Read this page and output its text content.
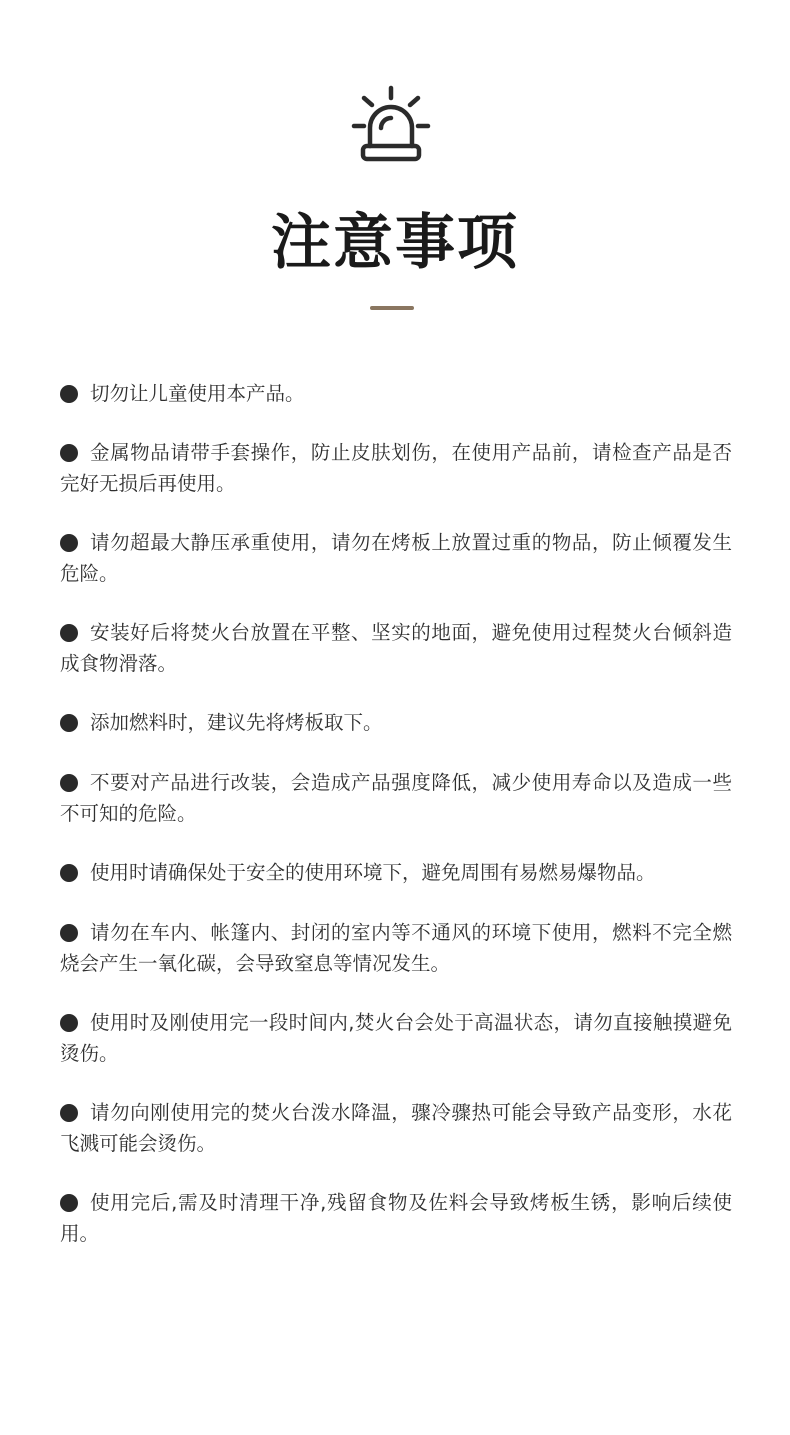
注意事项
切勿让儿童使用本产品。
金属物品请带手套操作，防止皮肤划伤，在使用产品前，请检查产品是否完好无损后再使用。
请勿超最大静压承重使用，请勿在烤板上放置过重的物品，防止倾覆发生危险。
安装好后将焚火台放置在平整、坚实的地面，避免使用过程焚火台倾斜造成食物滑落。
添加燃料时，建议先将烤板取下。
不要对产品进行改装，会造成产品强度降低，减少使用寿命以及造成一些不可知的危险。
使用时请确保处于安全的使用环境下，避免周围有易燃易爆物品。
请勿在车内、帐篷内、封闭的室内等不通风的环境下使用，燃料不完全燃烧会产生一氧化碳，会导致窒息等情况发生。
使用时及刚使用完一段时间内,焚火台会处于高温状态，请勿直接触摸避免烫伤。
请勿向刚使用完的焚火台泼水降温，骤冷骤热可能会导致产品变形，水花飞溅可能会烫伤。
使用完后,需及时清理干净,残留食物及佐料会导致烤板生锈，影响后续使用。
